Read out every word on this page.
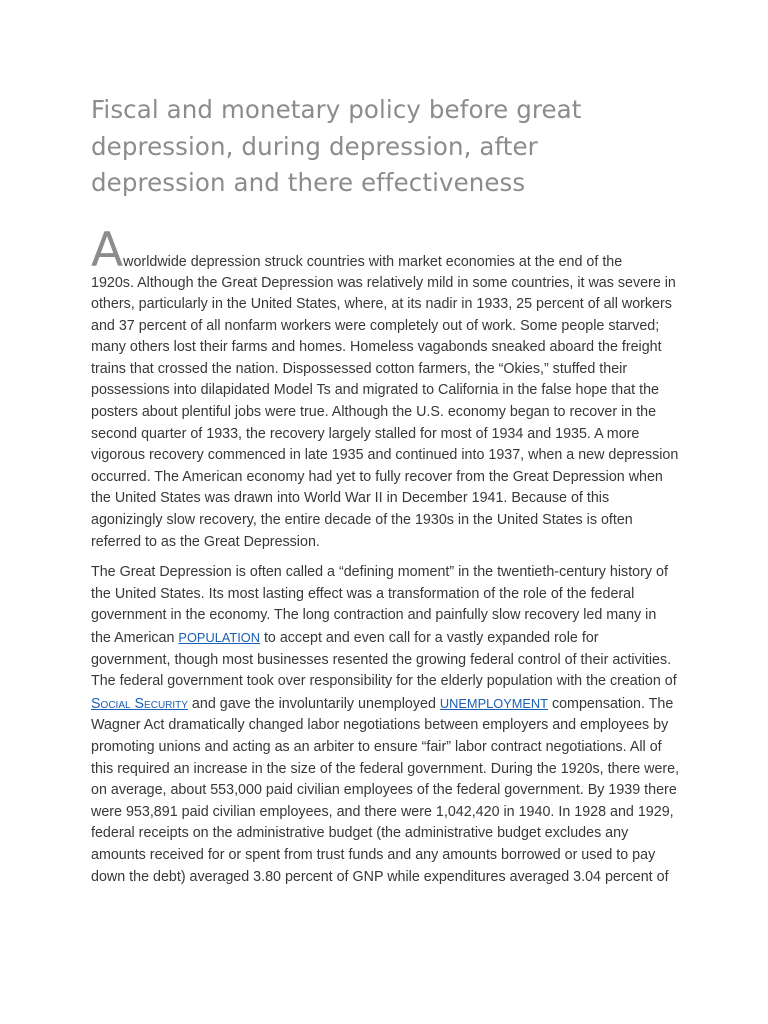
Fiscal and monetary policy before great depression, during depression, after depression and there effectiveness
Aworldwide depression struck countries with market economies at the end of the

1920s. Although the Great Depression was relatively mild in some countries, it was severe in others, particularly in the United States, where, at its nadir in 1933, 25 percent of all workers and 37 percent of all nonfarm workers were completely out of work. Some people starved; many others lost their farms and homes. Homeless vagabonds sneaked aboard the freight trains that crossed the nation. Dispossessed cotton farmers, the “Okies,” stuffed their possessions into dilapidated Model Ts and migrated to California in the false hope that the posters about plentiful jobs were true. Although the U.S. economy began to recover in the second quarter of 1933, the recovery largely stalled for most of 1934 and 1935. A more vigorous recovery commenced in late 1935 and continued into 1937, when a new depression occurred. The American economy had yet to fully recover from the Great Depression when the United States was drawn into World War II in December 1941. Because of this agonizingly slow recovery, the entire decade of the 1930s in the United States is often referred to as the Great Depression.

The Great Depression is often called a “defining moment” in the twentieth-century history of the United States. Its most lasting effect was a transformation of the role of the federal government in the economy. The long contraction and painfully slow recovery led many in the American POPULATION to accept and even call for a vastly expanded role for government, though most businesses resented the growing federal control of their activities. The federal government took over responsibility for the elderly population with the creation of Social Security and gave the involuntarily unemployed UNEMPLOYMENT compensation. The Wagner Act dramatically changed labor negotiations between employers and employees by promoting unions and acting as an arbiter to ensure “fair” labor contract negotiations. All of this required an increase in the size of the federal government. During the 1920s, there were, on average, about 553,000 paid civilian employees of the federal government. By 1939 there were 953,891 paid civilian employees, and there were 1,042,420 in 1940. In 1928 and 1929, federal receipts on the administrative budget (the administrative budget excludes any amounts received for or spent from trust funds and any amounts borrowed or used to pay down the debt) averaged 3.80 percent of GNP while expenditures averaged 3.04 percent of
